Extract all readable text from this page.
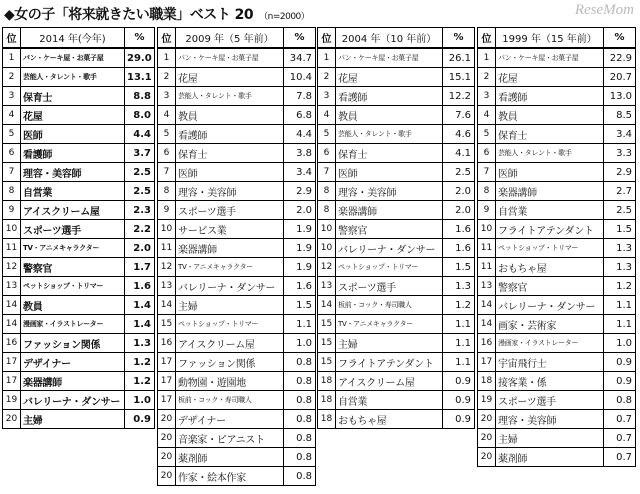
◆女の子「将来就きたい職業」ベスト 20 （n=2000）	ReseMom
位	2014 年(今年)	%
1	パン・ケーキ屋・お菓子屋	29.0
2	芸能人・タレント・歌手	13.1
3	保育士	8.8
4	花屋	8.0
5	医師	4.4
6	看護師	3.7
7	理容・美容師	2.5
8	自営業	2.5
9	アイスクリーム屋	2.3
10	スポーツ選手	2.2
11	TV・アニメキャラクター	2.0
12	警察官	1.7
13	ペットショップ・トリマー	1.6
14	教員	1.4
14	漫画家・イラストレーター	1.4
16	ファッション関係	1.3
17	デザイナー	1.2
17	楽器講師	1.2
19	バレリーナ・ダンサー	1.0
20	主婦	0.9
位	2009 年（5 年前）	%
1	パン・ケーキ屋・お菓子屋	34.7
2	花屋	10.4
3	芸能人・タレント・歌手	7.8
4	教員	6.8
5	看護師	4.4
6	保育士	3.8
7	医師	3.4
8	理容・美容師	2.9
9	スポーツ選手	2.0
10	サービス業	1.9
11	楽器講師	1.9
12	TV・アニメキャラクター	1.9
13	バレリーナ・ダンサー	1.6
14	主婦	1.5
15	ペットショップ・トリマー	1.1
16	アイスクリーム屋	1.0
17	ファッション関係	0.8
17	動物園・遊園地	0.8
17	板前・コック・寿司職人	0.8
20	デザイナー	0.8
20	音楽家・ピアニスト	0.8
20	薬剤師	0.8
20	作家・絵本作家	0.8
位	2004 年（10 年前）	%
1	パン・ケーキ屋・お菓子屋	26.1
2	花屋	15.1
3	看護師	12.2
4	教員	7.6
5	芸能人・タレント・歌手	4.6
6	保育士	4.1
7	医師	2.5
8	理容・美容師	2.0
8	楽器講師	2.0
10	警察官	1.6
10	バレリーナ・ダンサー	1.6
12	ペットショップ・トリマー	1.5
13	スポーツ選手	1.3
14	板前・コック・寿司職人	1.2
15	TV・アニメキャラクター	1.1
15	主婦	1.1
15	フライトアテンダント	1.1
18	アイスクリーム屋	0.9
18	自営業	0.9
18	おもちゃ屋	0.9
位	1999 年（15 年前）	%
1	パン・ケーキ屋・お菓子屋	22.9
2	花屋	20.7
3	看護師	13.0
4	教員	8.5
5	保育士	3.4
6	芸能人・タレント・歌手	3.3
7	医師	2.9
8	楽器講師	2.7
9	自営業	2.5
10	フライトアテンダント	1.5
11	ペットショップ・トリマー	1.3
11	おもちゃ屋	1.3
13	警察官	1.2
14	バレリーナ・ダンサー	1.1
14	画家・芸術家	1.1
16	漫画家・イラストレーター	1.0
17	宇宙飛行士	0.9
18	接客業・係	0.9
19	スポーツ選手	0.8
20	理容・美容師	0.7
20	主婦	0.7
20	薬剤師	0.7
